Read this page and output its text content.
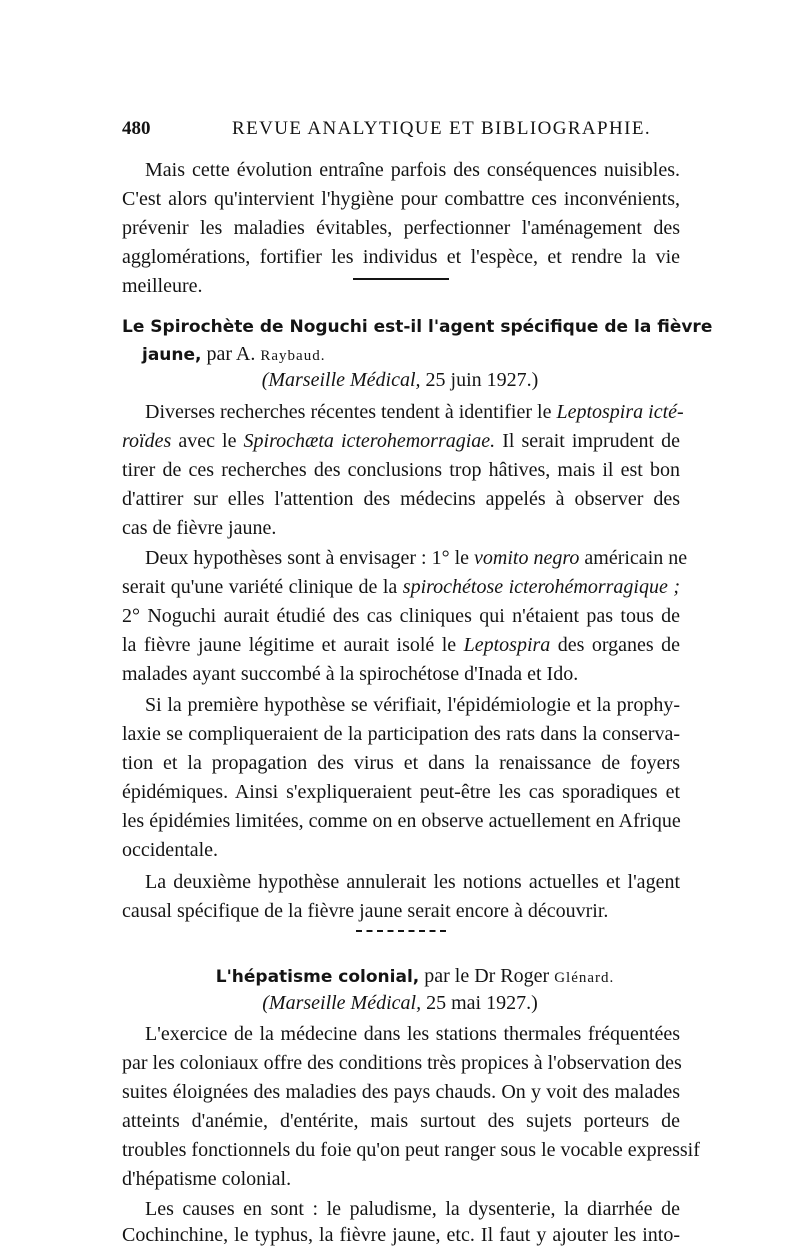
480	REVUE ANALYTIQUE ET BIBLIOGRAPHIE.

Mais cette évolution entraîne parfois des conséquences nuisibles.

C'est alors qu'intervient l'hygiène pour combattre ces inconvénients,

prévenir les maladies évitables, perfectionner l'aménagement des

agglomérations, fortifier les individus et l'espèce, et rendre la vie

meilleure.

Le Spirochète de Noguchi est-il l'agent spécifique de la fièvre

jaune, par A. Raybaud.

(Marseille Médical, 25 juin 1927.)

Diverses recherches récentes tendent à identifier le Leptospira icté-

roïdes avec le Spirochæta icterohemorragiae. Il serait imprudent de

tirer de ces recherches des conclusions trop hâtives, mais il est bon

d'attirer sur elles l'attention des médecins appelés à observer des

cas de fièvre jaune.

Deux hypothèses sont à envisager : 1° le vomito negro américain ne

serait qu'une variété clinique de la spirochétose icterohémorragique ;

2° Noguchi aurait étudié des cas cliniques qui n'étaient pas tous de

la fièvre jaune légitime et aurait isolé le Leptospira des organes de

malades ayant succombé à la spirochétose d'Inada et Ido.

Si la première hypothèse se vérifiait, l'épidémiologie et la prophy-

laxie se compliqueraient de la participation des rats dans la conserva-

tion et la propagation des virus et dans la renaissance de foyers

épidémiques. Ainsi s'expliqueraient peut-être les cas sporadiques et

les épidémies limitées, comme on en observe actuellement en Afrique

occidentale.

La deuxième hypothèse annulerait les notions actuelles et l'agent

causal spécifique de la fièvre jaune serait encore à découvrir.

L'hépatisme colonial, par le Dr Roger Glénard.

(Marseille Médical, 25 mai 1927.)

L'exercice de la médecine dans les stations thermales fréquentées

par les coloniaux offre des conditions très propices à l'observation des

suites éloignées des maladies des pays chauds. On y voit des malades

atteints d'anémie, d'entérite, mais surtout des sujets porteurs de

troubles fonctionnels du foie qu'on peut ranger sous le vocable expressif

d'hépatisme colonial.

Les causes en sont : le paludisme, la dysenterie, la diarrhée de

Cochinchine, le typhus, la fièvre jaune, etc. Il faut y ajouter les into-
